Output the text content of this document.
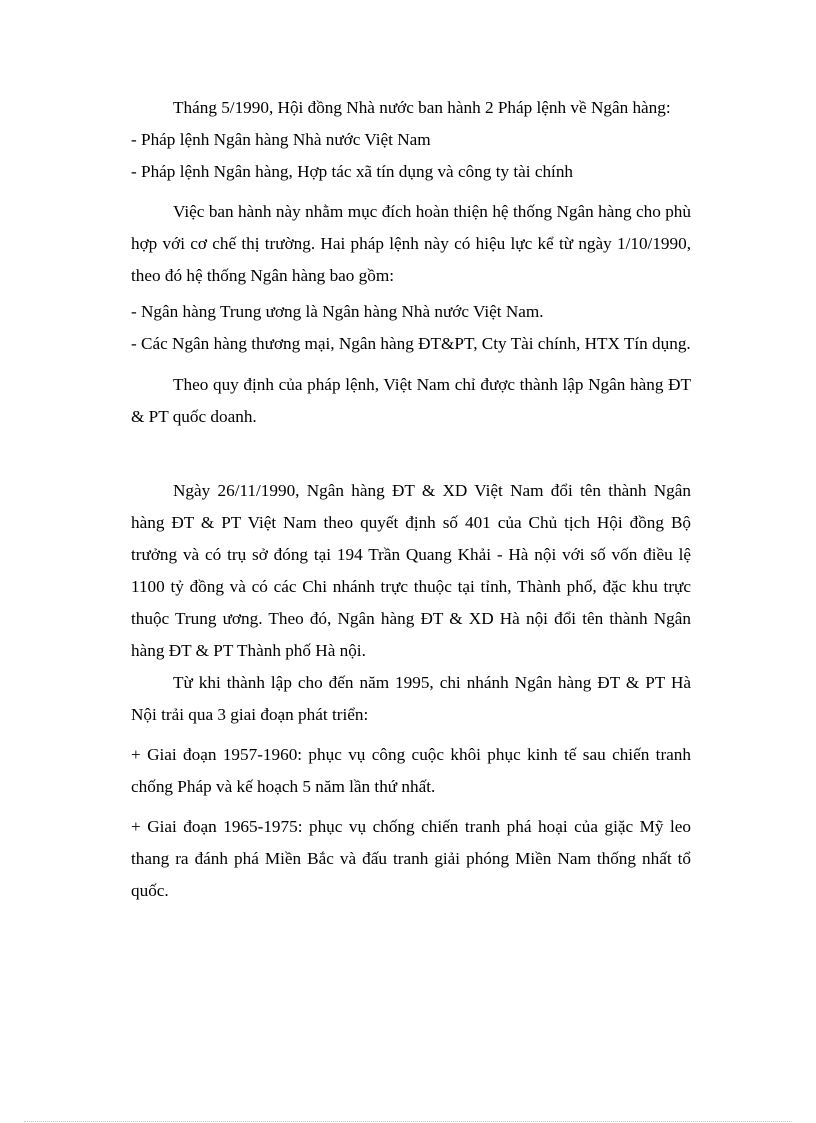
Tháng 5/1990, Hội đồng Nhà nước ban hành 2 Pháp lệnh về Ngân hàng:

- Pháp lệnh Ngân hàng Nhà nước Việt Nam

- Pháp lệnh Ngân hàng, Hợp tác xã tín dụng và công ty tài chính

Việc ban hành này nhằm mục đích hoàn thiện hệ thống Ngân hàng cho phù hợp với cơ chế thị trường. Hai pháp lệnh này có hiệu lực kể từ ngày 1/10/1990, theo đó hệ thống Ngân hàng bao gồm:

- Ngân hàng Trung ương là Ngân hàng Nhà nước Việt Nam.

- Các Ngân hàng thương mại, Ngân hàng ĐT&PT, Cty Tài chính, HTX Tín dụng.

Theo quy định của pháp lệnh, Việt Nam chỉ được thành lập Ngân hàng ĐT & PT quốc doanh.

Ngày 26/11/1990, Ngân hàng ĐT & XD Việt Nam đổi tên thành Ngân hàng ĐT & PT Việt Nam theo quyết định số 401 của Chủ tịch Hội đồng Bộ trưởng và có trụ sở đóng tại 194 Trần Quang Khải - Hà nội với số vốn điều lệ 1100 tỷ đồng và có các Chi nhánh trực thuộc tại tỉnh, Thành phố, đặc khu trực thuộc Trung ương. Theo đó, Ngân hàng ĐT & XD Hà nội đổi tên thành Ngân hàng ĐT & PT Thành phố Hà nội.

Từ khi thành lập cho đến năm 1995, chi nhánh Ngân hàng ĐT & PT Hà Nội trải qua 3 giai đoạn phát triển:

+ Giai đoạn 1957-1960: phục vụ công cuộc khôi phục kinh tế sau chiến tranh chống Pháp và kế hoạch 5 năm lần thứ nhất.

+ Giai đoạn 1965-1975: phục vụ chống chiến tranh phá hoại của giặc Mỹ leo thang ra đánh phá Miền Bắc và đấu tranh giải phóng Miền Nam thống nhất tổ quốc.
